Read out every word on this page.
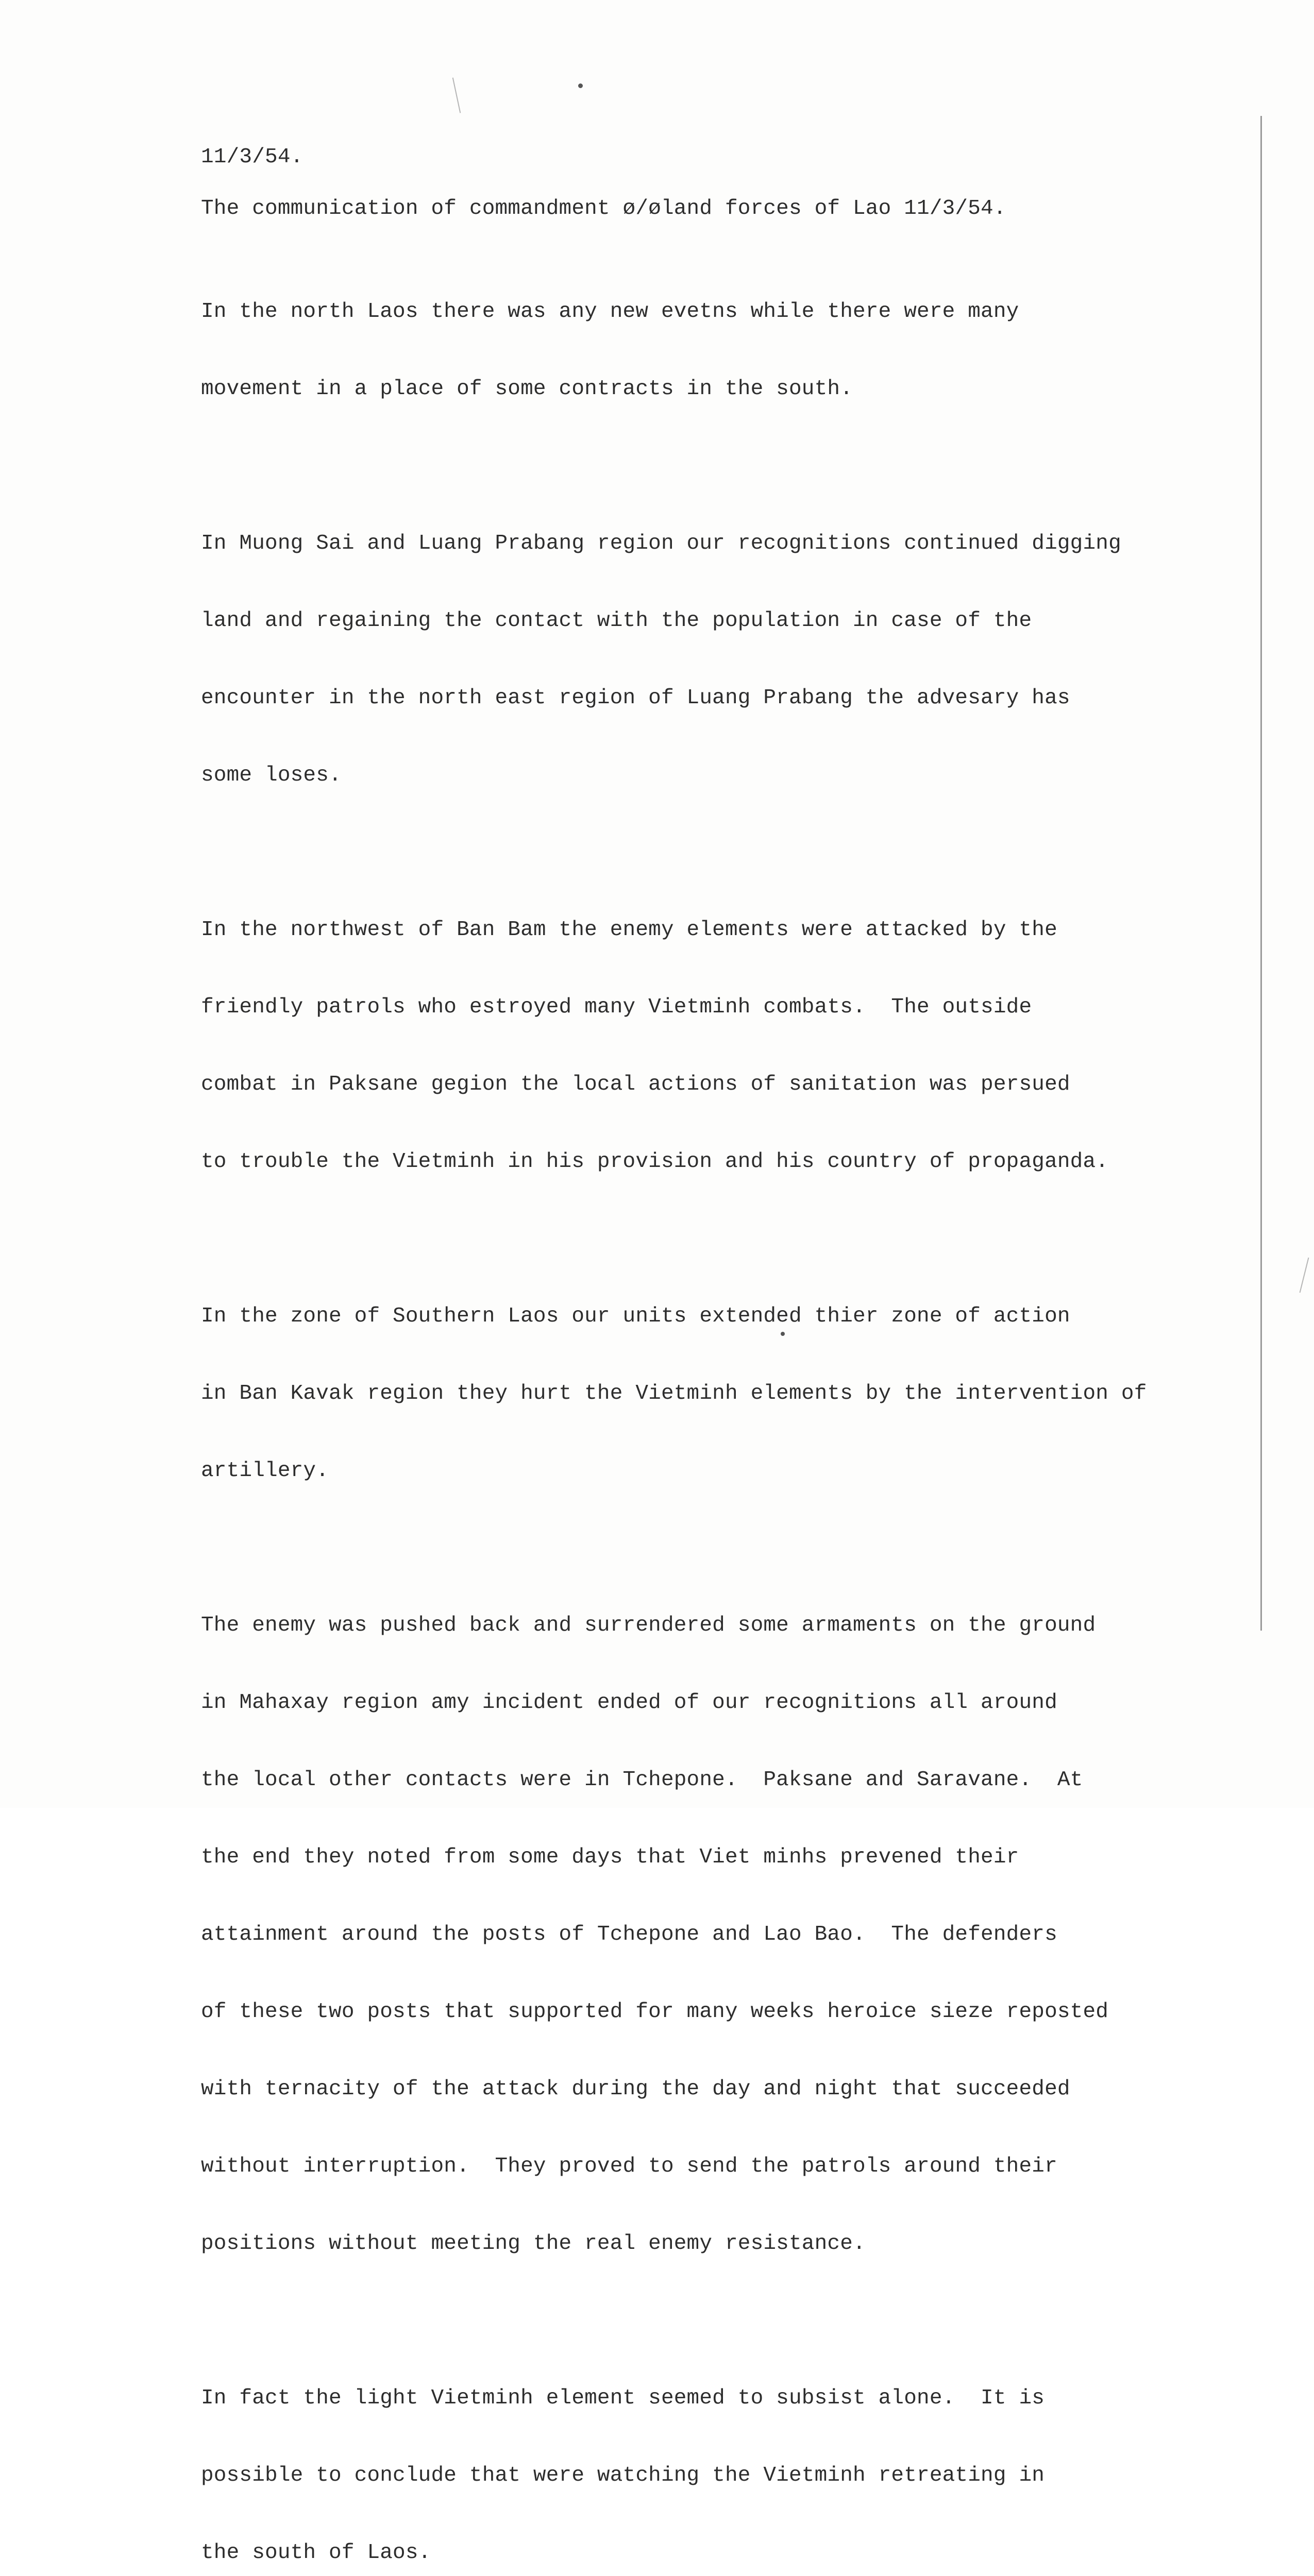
11/3/54.

The communication of commandment ø/øland forces of Lao 11/3/54.

In the north Laos there was any new evetns while there were many

movement in a place of some contracts in the south.

In Muong Sai and Luang Prabang region our recognitions continued digging

land and regaining the contact with the population in case of the

encounter in the north east region of Luang Prabang the advesary has

some loses.

In the northwest of Ban Bam the enemy elements were attacked by the

friendly patrols who estroyed many Vietminh combats.  The outside

combat in Paksane gegion the local actions of sanitation was persued

to trouble the Vietminh in his provision and his country of propaganda.

In the zone of Southern Laos our units extended thier zone of action

in Ban Kavak region they hurt the Vietminh elements by the intervention of

artillery.

The enemy was pushed back and surrendered some armaments on the ground

in Mahaxay region amy incident ended of our recognitions all around

the local other contacts were in Tchepone.  Paksane and Saravane.  At

the end they noted from some days that Viet minhs prevened their

attainment around the posts of Tchepone and Lao Bao.  The defenders

of these two posts that supported for many weeks heroice sieze reposted

with ternacity of the attack during the day and night that succeeded

without interruption.  They proved to send the patrols around their

positions without meeting the real enemy resistance.

In fact the light Vietminh element seemed to subsist alone.  It is

possible to conclude that were watching the Vietminh retreating in

the south of Laos.
